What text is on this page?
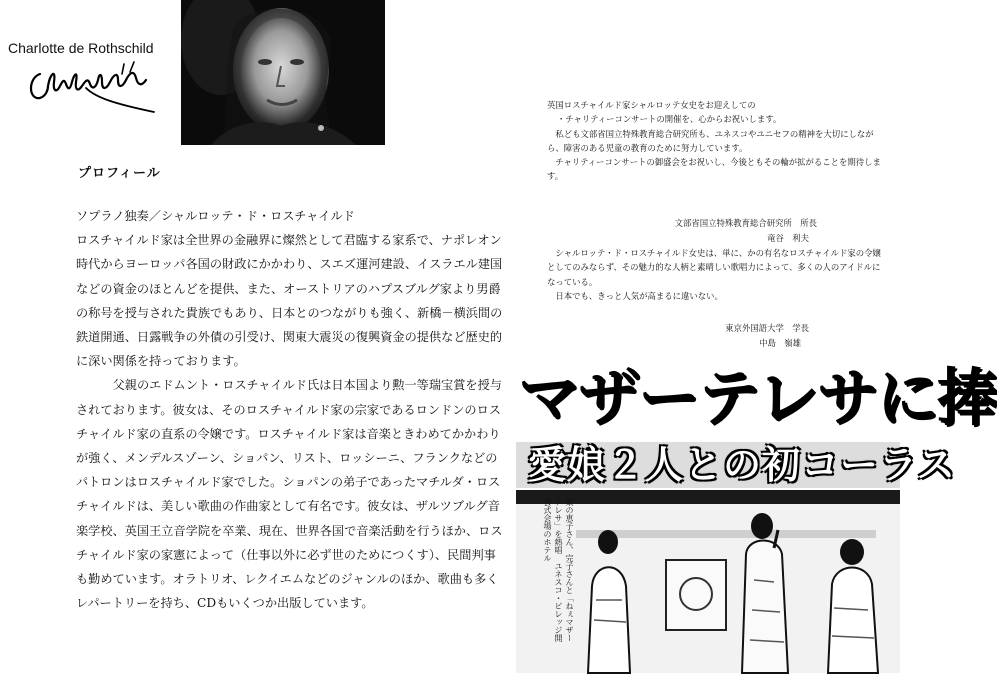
Charlotte de Rothschild
プロフィール

ソプラノ独奏／シャルロッテ・ド・ロスチャイルド

ロスチャイルド家は全世界の金融界に燦然として君臨する家系で、ナポレオン時代からヨーロッパ各国の財政にかかわり、スエズ運河建設、イスラエル建国などの資金のほとんどを提供、また、オーストリアのハプスブルグ家より男爵の称号を授与された貴族でもあり、日本とのつながりも強く、新橋－横浜間の鉄道開通、日露戦争の外債の引受け、関東大震災の復興資金の提供など歴史的に深い関係を持っております。

父親のエドムント・ロスチャイルド氏は日本国より勲一等瑞宝賞を授与されております。彼女は、そのロスチャイルド家の宗家であるロンドンのロスチャイルド家の直系の令嬢です。ロスチャイルド家は音楽ときわめてかかわりが強く、メンデルスゾーン、ショパン、リスト、ロッシーニ、フランクなどのパトロンはロスチャイルド家でした。ショパンの弟子であったマチルダ・ロスチャイルドは、美しい歌曲の作曲家として有名です。彼女は、ザルツブルグ音楽学校、英国王立音学院を卒業、現在、世界各国で音楽活動を行うほか、ロスチャイルド家の家憲によって（仕事以外に必ず世のためにつくす）、民間判事も勤めています。オラトリオ、レクイエムなどのジャンルのほか、歌曲も多くレパートリーを持ち、CDもいくつか出版しています。

英国ロスチャイルド家シャルロッテ女史をお迎えしての

・チャリティーコンサートの開催を、心からお祝いします。

私ども文部省国立特殊教育総合研究所も、ユネスコやユニセフの精神を大切にしながら、障害のある児童の教育のために努力しています。

チャリティーコンサートの御盛会をお祝いし、今後ともその輪が拡がることを期待します。

文部省国立特殊教育総合研究所　所長
竜谷　利夫

シャルロッテ・ド・ロスチャイルド女史は、単に、かの有名なロスチャイルド家の令嬢としてのみならず、その魅力的な人柄と素晴しい歌唱力によって、多くの人のアイドルになっている。

日本でも、きっと人気が高まるに違いない。

東京外国語大学　学長
中島　嶺雄
マザーテレサに捧
愛娘２人との初コーラス
娘の恵子さん、完子さんと「ねぇマザーテレサ」を熱唱　ユネスコ・ビレッジ開会式会場のホテル
